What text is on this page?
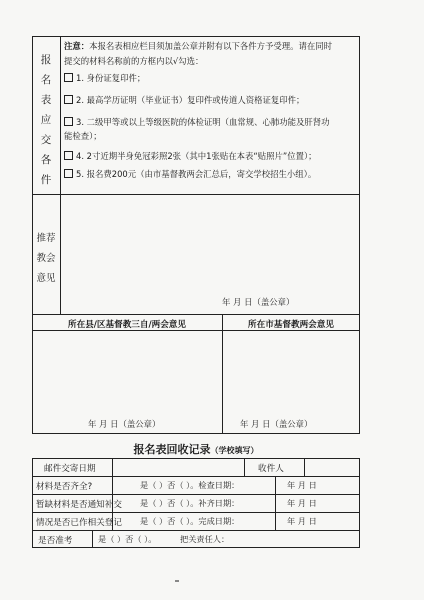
报
名
表
应
交
各
件
注意：本报名表相应栏目须加盖公章并附有以下各件方予受理。请在同时
提交的材料名称前的方框内以√勾选：
1. 身份证复印件；
2. 最高学历证明（毕业证书）复印件或传道人资格证复印件；
3. 二级甲等或以上等级医院的体检证明（血常规、心肺功能及肝肾功
能检查）；
4. 2寸近期半身免冠彩照2张（其中1张贴在本表“贴照片”位置）；
5. 报名费200元（由市基督教两会汇总后，寄交学校招生小组）。
推荐
教会
意见
年 月 日（盖公章）
所在县/区基督教三自/两会意见	所在市基督教两会意见
年 月 日（盖公章）	年 月 日（盖公章）
报名表回收记录（学校填写）
邮件交寄日期	收件人
材料是否齐全?	是（ ）否（ ）。检查日期：	年 月 日
暂缺材料是否通知补交 是（ ）否（ ）。补齐日期：	年 月 日
情况是否已作相关登记 是（ ）否（ ）。完成日期：	年 月 日
是否准考	是（ ）否（ ）。	把关责任人：
